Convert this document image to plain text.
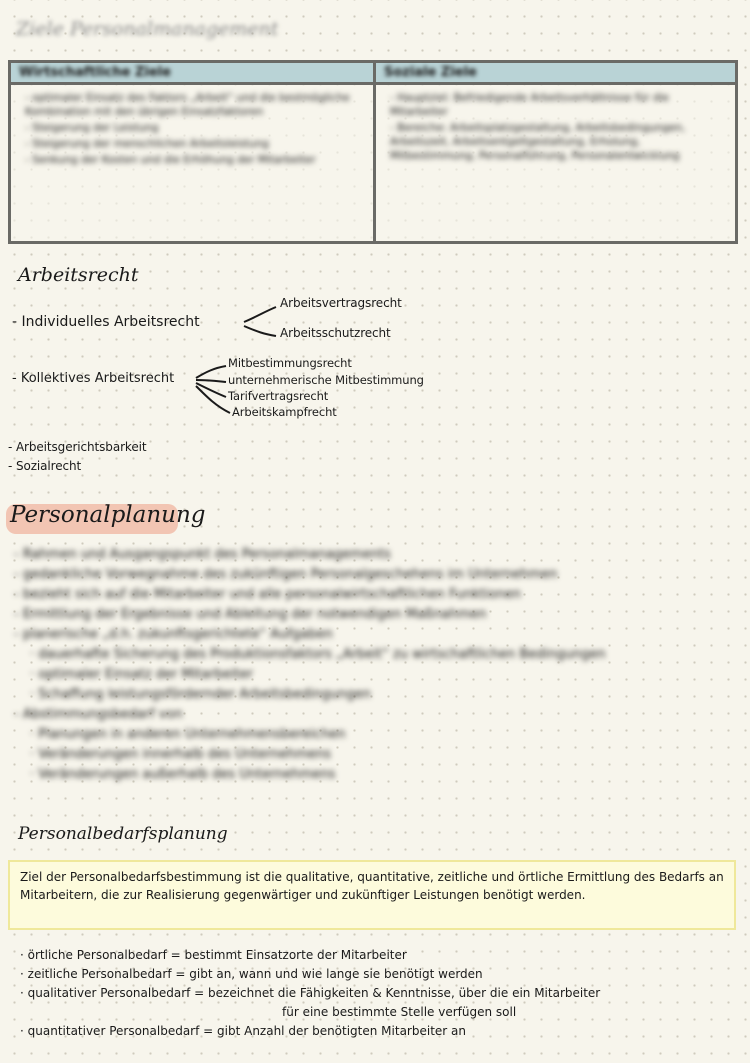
Ziele Personalmanagement
Wirtschaftliche Ziele
- optimaler Einsatz des Faktors „Arbeit“ und die bestmögliche Kombination mit den übrigen Einsatzfaktoren
- Steigerung der Leistung
- Steigerung der menschlichen Arbeitsleistung
- Senkung der Kosten und die Erhöhung der Mitarbeiter
Soziale Ziele
- Hauptziel: Befriedigende Arbeitsverhältnisse für die Mitarbeiter
- Bereiche: Arbeitsplatzgestaltung, Arbeitsbedingungen, Arbeitszeit, Arbeitsentgeltgestaltung, Erholung, Mitbestimmung, Personalführung, Personalentwicklung
Arbeitsrecht
- Individuelles Arbeitsrecht
Arbeitsvertragsrecht
Arbeitsschutzrecht
- Kollektives Arbeitsrecht
Mitbestimmungsrecht
unternehmerische Mitbestimmung
Tarifvertragsrecht
Arbeitskampfrecht
- Arbeitsgerichtsbarkeit
- Sozialrecht
Personalplanung
- Rahmen und Ausgangspunkt des Personalmanagements
- gedankliche Vorwegnahme des zukünftigen Personalgeschehens im Unternehmen
- bezieht sich auf die Mitarbeiter und alle personalwirtschaftlichen Funktionen
- Ermittlung der Ergebnisse und Ableitung der notwendigen Maßnahmen
- planerische „d.h. zukunftsgerichtete“ Aufgaben
· dauerhafte Sicherung des Produktionsfaktors „Arbeit“ zu wirtschaftlichen Bedingungen
· optimaler Einsatz der Mitarbeiter
· Schaffung leistungsfördernder Arbeitsbedingungen
- Abstimmungsbedarf von
· Planungen in anderen Unternehmensbereichen
· Veränderungen innerhalb des Unternehmens
· Veränderungen außerhalb des Unternehmens
Personalbedarfsplanung
Ziel der Personalbedarfsbestimmung ist die qualitative, quantitative, zeitliche und örtliche Ermittlung des Bedarfs an Mitarbeitern, die zur Realisierung gegenwärtiger und zukünftiger Leistungen benötigt werden.
· örtliche Personalbedarf = bestimmt Einsatzorte der Mitarbeiter
· zeitliche Personalbedarf = gibt an, wann und wie lange sie benötigt werden
· qualitativer Personalbedarf = bezeichnet die Fähigkeiten & Kenntnisse, über die ein Mitarbeiter
für eine bestimmte Stelle verfügen soll
· quantitativer Personalbedarf = gibt Anzahl der benötigten Mitarbeiter an
